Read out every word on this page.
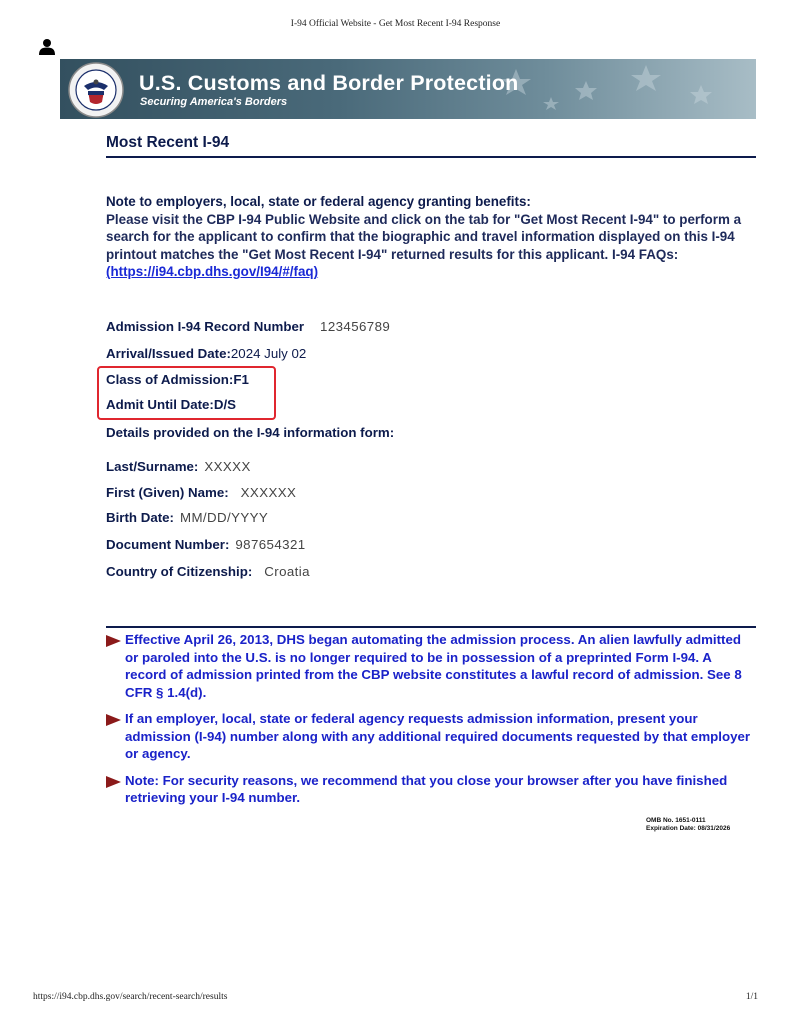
I-94 Official Website - Get Most Recent I-94 Response
U.S. Customs and Border Protection
Securing America's Borders
Most Recent I-94
Note to employers, local, state or federal agency granting benefits:
Please visit the CBP I-94 Public Website and click on the tab for "Get Most Recent I-94" to perform a search for the applicant to confirm that the biographic and travel information displayed on this I-94 printout matches the "Get Most Recent I-94" returned results for this applicant. I-94 FAQs:(https://i94.cbp.dhs.gov/I94/#/faq)
Admission I-94 Record Number 123456789
Arrival/Issued Date:2024 July 02
Class of Admission:F1
Admit Until Date:D/S
Details provided on the I-94 information form:
Last/Surname: XXXXX
First (Given) Name: XXXXXX
Birth Date: MM/DD/YYYY
Document Number: 987654321
Country of Citizenship: Croatia
Effective April 26, 2013, DHS began automating the admission process. An alien lawfully admitted or paroled into the U.S. is no longer required to be in possession of a preprinted Form I-94. A record of admission printed from the CBP website constitutes a lawful record of admission. See 8 CFR § 1.4(d).
If an employer, local, state or federal agency requests admission information, present your admission (I-94) number along with any additional required documents requested by that employer or agency.
Note: For security reasons, we recommend that you close your browser after you have finished retrieving your I-94 number.
OMB No. 1651-0111
Expiration Date: 08/31/2026
https://i94.cbp.dhs.gov/search/recent-search/results	1/1
